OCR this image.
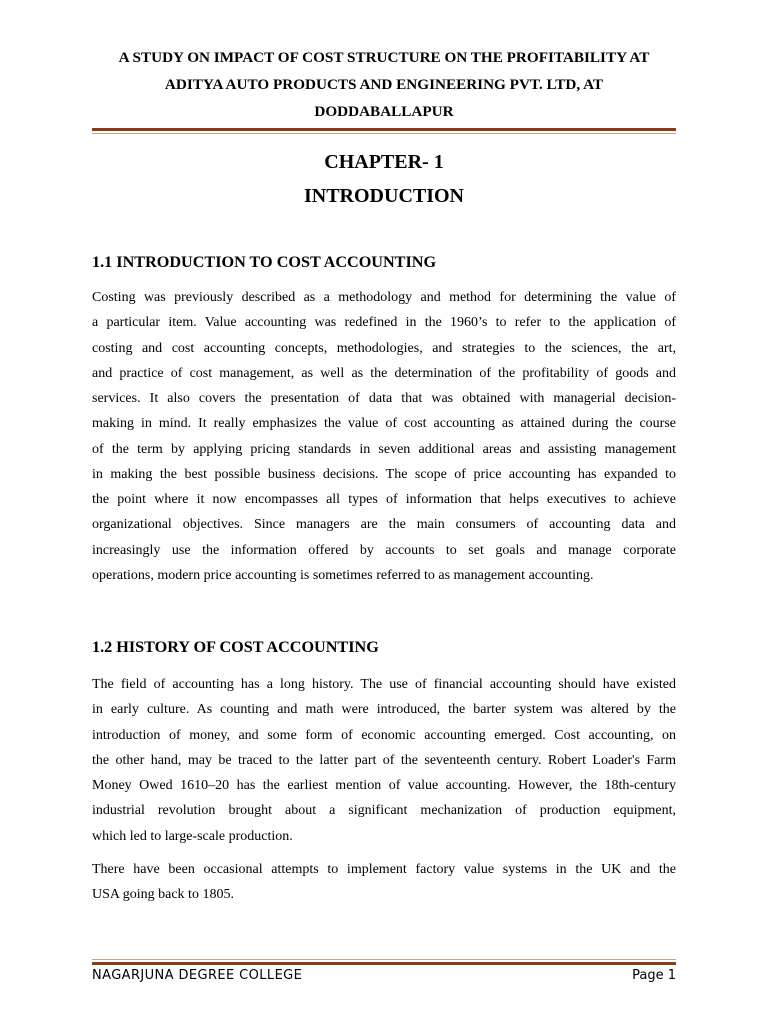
A STUDY ON IMPACT OF COST STRUCTURE ON THE PROFITABILITY AT
ADITYA AUTO PRODUCTS AND ENGINEERING PVT. LTD, AT
DODDABALLAPUR
CHAPTER- 1
INTRODUCTION
1.1 INTRODUCTION TO COST ACCOUNTING
Costing was previously described as a methodology and method for determining the value of
a particular item. Value accounting was redefined in the 1960’s to refer to the application of
costing and cost accounting concepts, methodologies, and strategies to the sciences, the art,
and practice of cost management, as well as the determination of the profitability of goods and
services. It also covers the presentation of data that was obtained with managerial decision-
making in mind. It really emphasizes the value of cost accounting as attained during the course
of the term by applying pricing standards in seven additional areas and assisting management
in making the best possible business decisions. The scope of price accounting has expanded to
the point where it now encompasses all types of information that helps executives to achieve
organizational objectives. Since managers are the main consumers of accounting data and
increasingly use the information offered by accounts to set goals and manage corporate
operations, modern price accounting is sometimes referred to as management accounting.
1.2 HISTORY OF COST ACCOUNTING
The field of accounting has a long history. The use of financial accounting should have existed
in early culture. As counting and math were introduced, the barter system was altered by the
introduction of money, and some form of economic accounting emerged. Cost accounting, on
the other hand, may be traced to the latter part of the seventeenth century. Robert Loader's Farm
Money Owed 1610–20 has the earliest mention of value accounting. However, the 18th-century
industrial revolution brought about a significant mechanization of production equipment,
which led to large-scale production.
There have been occasional attempts to implement factory value systems in the UK and the
USA going back to 1805.
NAGARJUNA DEGREE COLLEGE	Page 1
